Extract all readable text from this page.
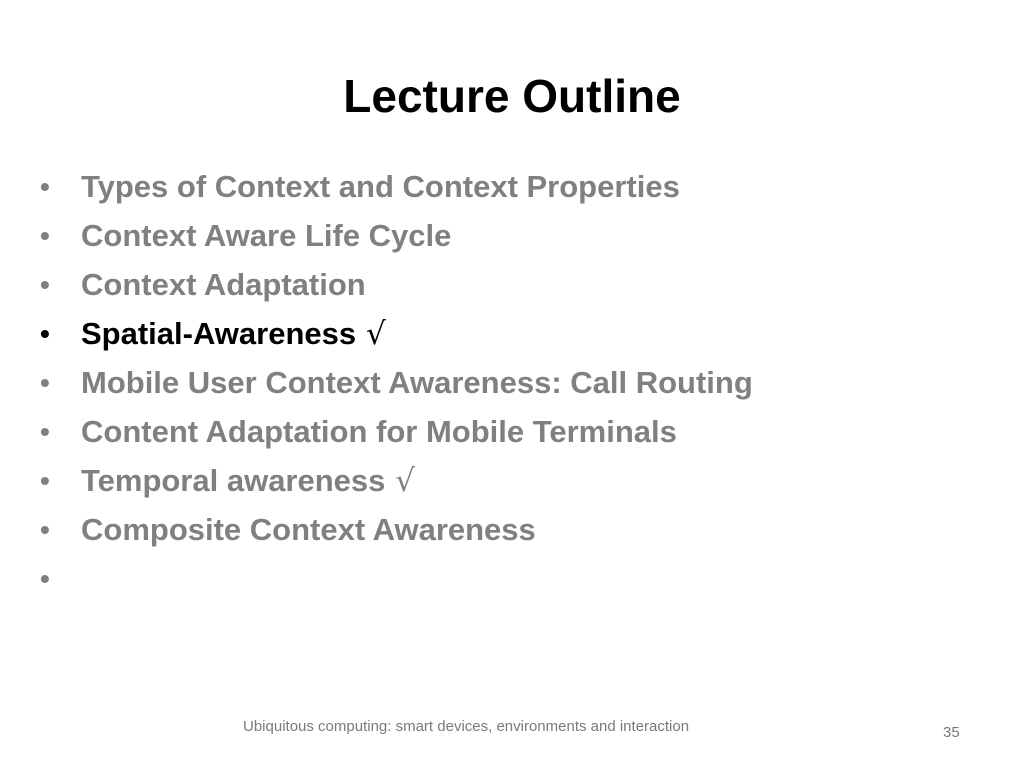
Lecture Outline
•	Types of Context and Context Properties
•	Context Aware Life Cycle
•	Context Adaptation
•	Spatial-Awareness √
•	Mobile User Context Awareness: Call Routing
•	Content Adaptation for Mobile Terminals
•	Temporal awareness √
•	Composite Context Awareness
•
Ubiquitous computing: smart devices, environments and interaction	35
